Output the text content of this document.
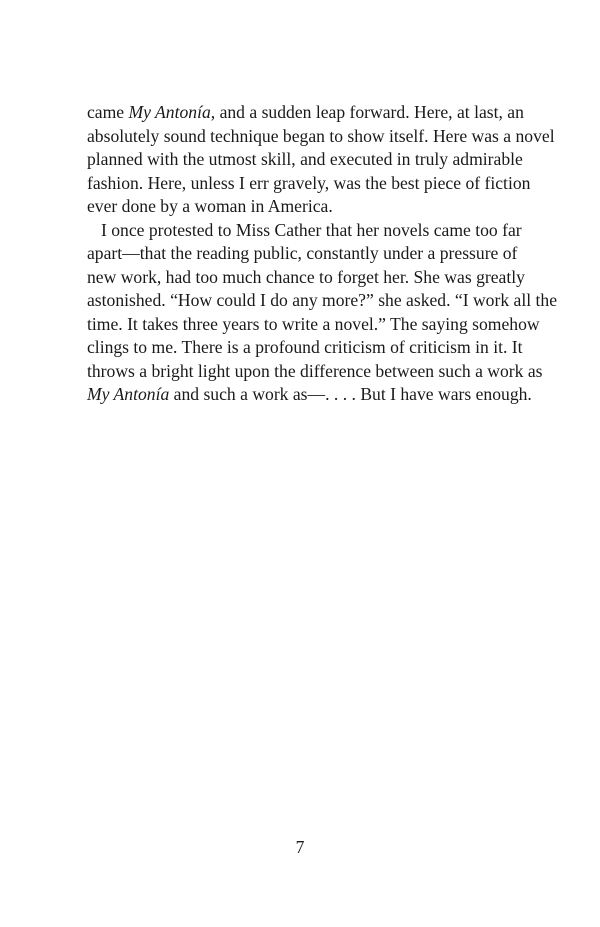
came My Antonía, and a sudden leap forward. Here, at last, an
absolutely sound technique began to show itself. Here was a novel
planned with the utmost skill, and executed in truly admirable
fashion. Here, unless I err gravely, was the best piece of fiction
ever done by a woman in America.
I once protested to Miss Cather that her novels came too far
apart—that the reading public, constantly under a pressure of
new work, had too much chance to forget her. She was greatly
astonished. “How could I do any more?” she asked. “I work all the
time. It takes three years to write a novel.” The saying somehow
clings to me. There is a profound criticism of criticism in it. It
throws a bright light upon the difference between such a work as
My Antonía and such a work as—. . . . But I have wars enough.
7
